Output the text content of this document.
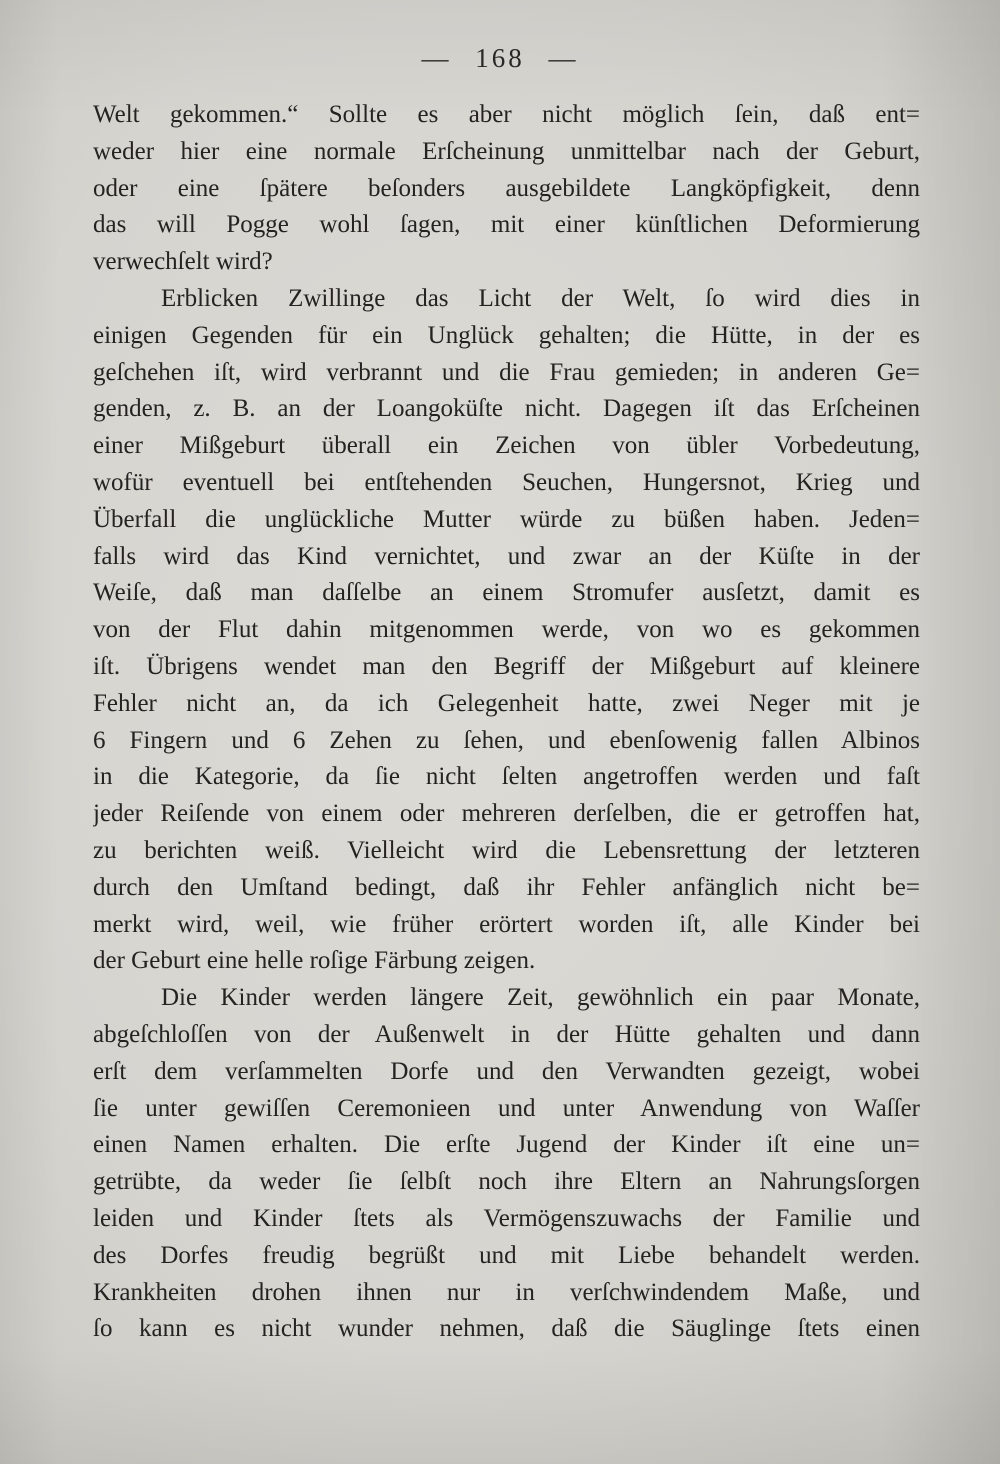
— 168 —
Welt gekommen.“ Sollte es aber nicht möglich ſein, daß ent=
weder hier eine normale Erſcheinung unmittelbar nach der Geburt,
oder eine ſpätere beſonders ausgebildete Langköpfigkeit, denn
das will Pogge wohl ſagen, mit einer künſtlichen Deformierung
verwechſelt wird?
Erblicken Zwillinge das Licht der Welt, ſo wird dies in
einigen Gegenden für ein Unglück gehalten; die Hütte, in der es
geſchehen iſt, wird verbrannt und die Frau gemieden; in anderen Ge=
genden, z. B. an der Loangoküſte nicht. Dagegen iſt das Erſcheinen
einer Mißgeburt überall ein Zeichen von übler Vorbedeutung,
wofür eventuell bei entſtehenden Seuchen, Hungersnot, Krieg und
Überfall die unglückliche Mutter würde zu büßen haben. Jeden=
falls wird das Kind vernichtet, und zwar an der Küſte in der
Weiſe, daß man daſſelbe an einem Stromufer ausſetzt, damit es
von der Flut dahin mitgenommen werde, von wo es gekommen
iſt. Übrigens wendet man den Begriff der Mißgeburt auf kleinere
Fehler nicht an, da ich Gelegenheit hatte, zwei Neger mit je
6 Fingern und 6 Zehen zu ſehen, und ebenſowenig fallen Albinos
in die Kategorie, da ſie nicht ſelten angetroffen werden und faſt
jeder Reiſende von einem oder mehreren derſelben, die er getroffen hat,
zu berichten weiß. Vielleicht wird die Lebensrettung der letzteren
durch den Umſtand bedingt, daß ihr Fehler anfänglich nicht be=
merkt wird, weil, wie früher erörtert worden iſt, alle Kinder bei
der Geburt eine helle roſige Färbung zeigen.
Die Kinder werden längere Zeit, gewöhnlich ein paar Monate,
abgeſchloſſen von der Außenwelt in der Hütte gehalten und dann
erſt dem verſammelten Dorfe und den Verwandten gezeigt, wobei
ſie unter gewiſſen Ceremonieen und unter Anwendung von Waſſer
einen Namen erhalten. Die erſte Jugend der Kinder iſt eine un=
getrübte, da weder ſie ſelbſt noch ihre Eltern an Nahrungsſorgen
leiden und Kinder ſtets als Vermögenszuwachs der Familie und
des Dorfes freudig begrüßt und mit Liebe behandelt werden.
Krankheiten drohen ihnen nur in verſchwindendem Maße, und
ſo kann es nicht wunder nehmen, daß die Säuglinge ſtets einen
